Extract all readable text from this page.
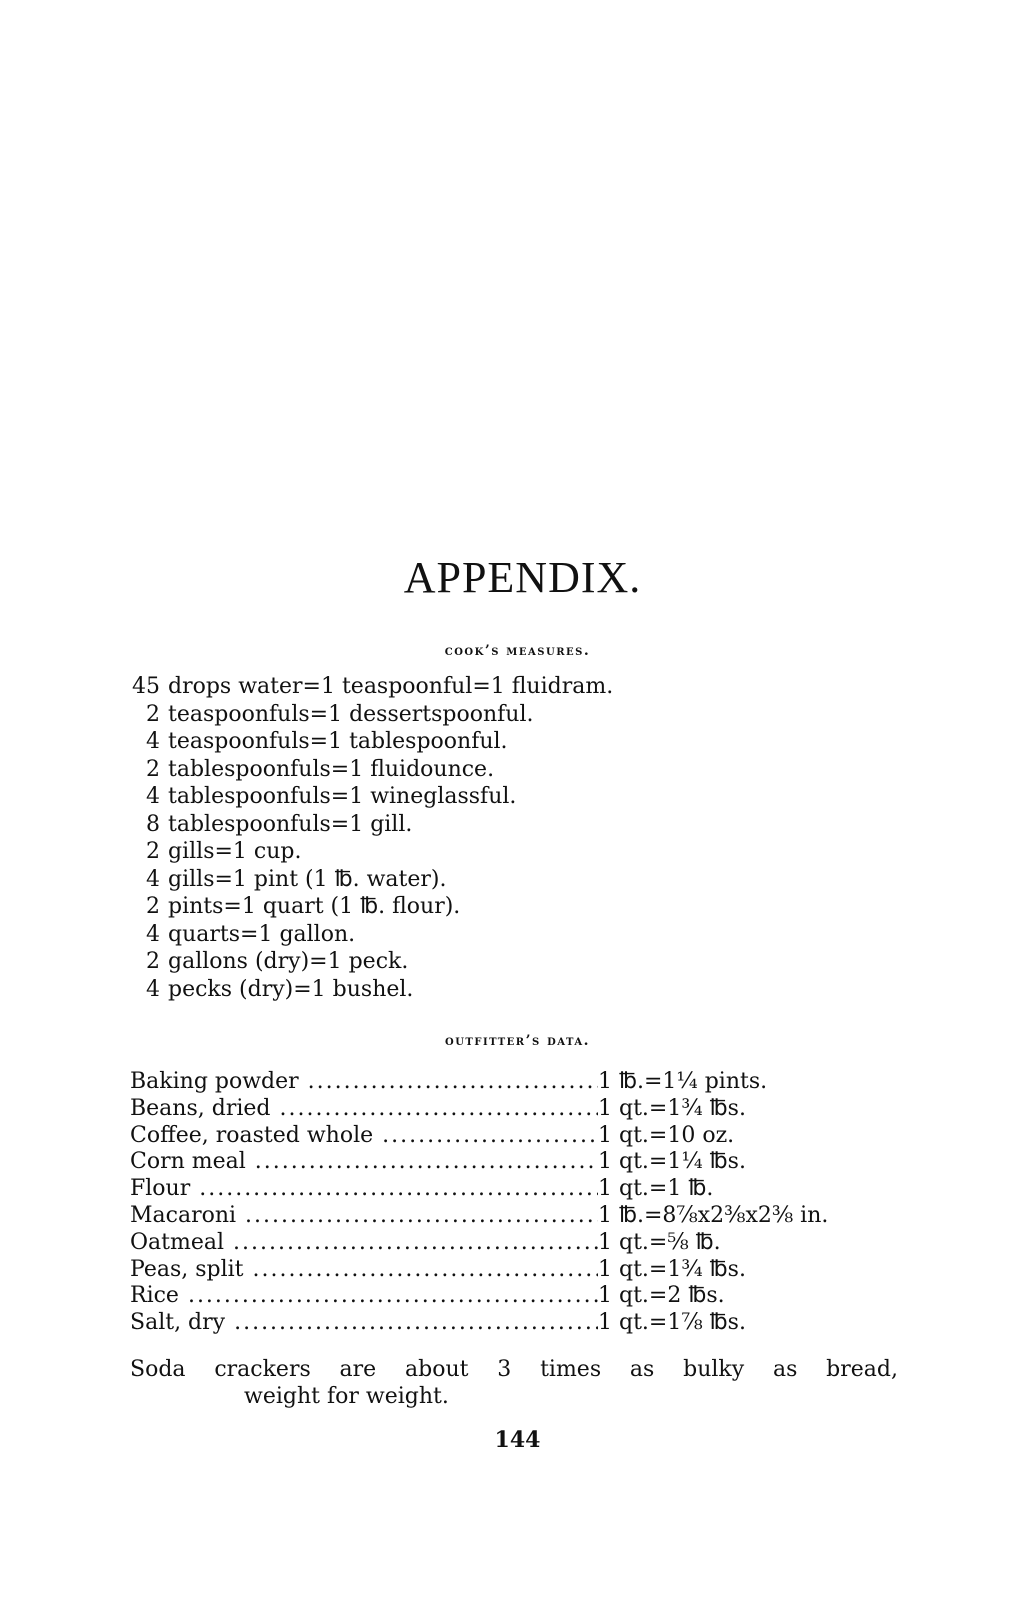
APPENDIX.
cook’s measures.
45 drops water=1 teaspoonful=1 fluidram.
2 teaspoonfuls=1 dessertspoonful.
4 teaspoonfuls=1 tablespoonful.
2 tablespoonfuls=1 fluidounce.
4 tablespoonfuls=1 wineglassful.
8 tablespoonfuls=1 gill.
2 gills=1 cup.
4 gills=1 pint (1 ℔. water).
2 pints=1 quart (1 ℔. flour).
4 quarts=1 gallon.
2 gallons (dry)=1 peck.
4 pecks (dry)=1 bushel.
outfitter’s data.
Baking powder .....	1 ℔.=1¼ pints.
Beans, dried .....	1 qt.=1¾ ℔s.
Coffee, roasted whole .....	1 qt.=10 oz.
Corn meal .....	1 qt.=1¼ ℔s.
Flour .....	1 qt.=1 ℔.
Macaroni .....	1 ℔.=8⅞x2⅜x2⅜ in.
Oatmeal .....	1 qt.=⅝ ℔.
Peas, split .....	1 qt.=1¾ ℔s.
Rice .....	1 qt.=2 ℔s.
Salt, dry .....	1 qt.=1⅞ ℔s.
Soda crackers are about 3 times as bulky as bread,
weight for weight.
144
